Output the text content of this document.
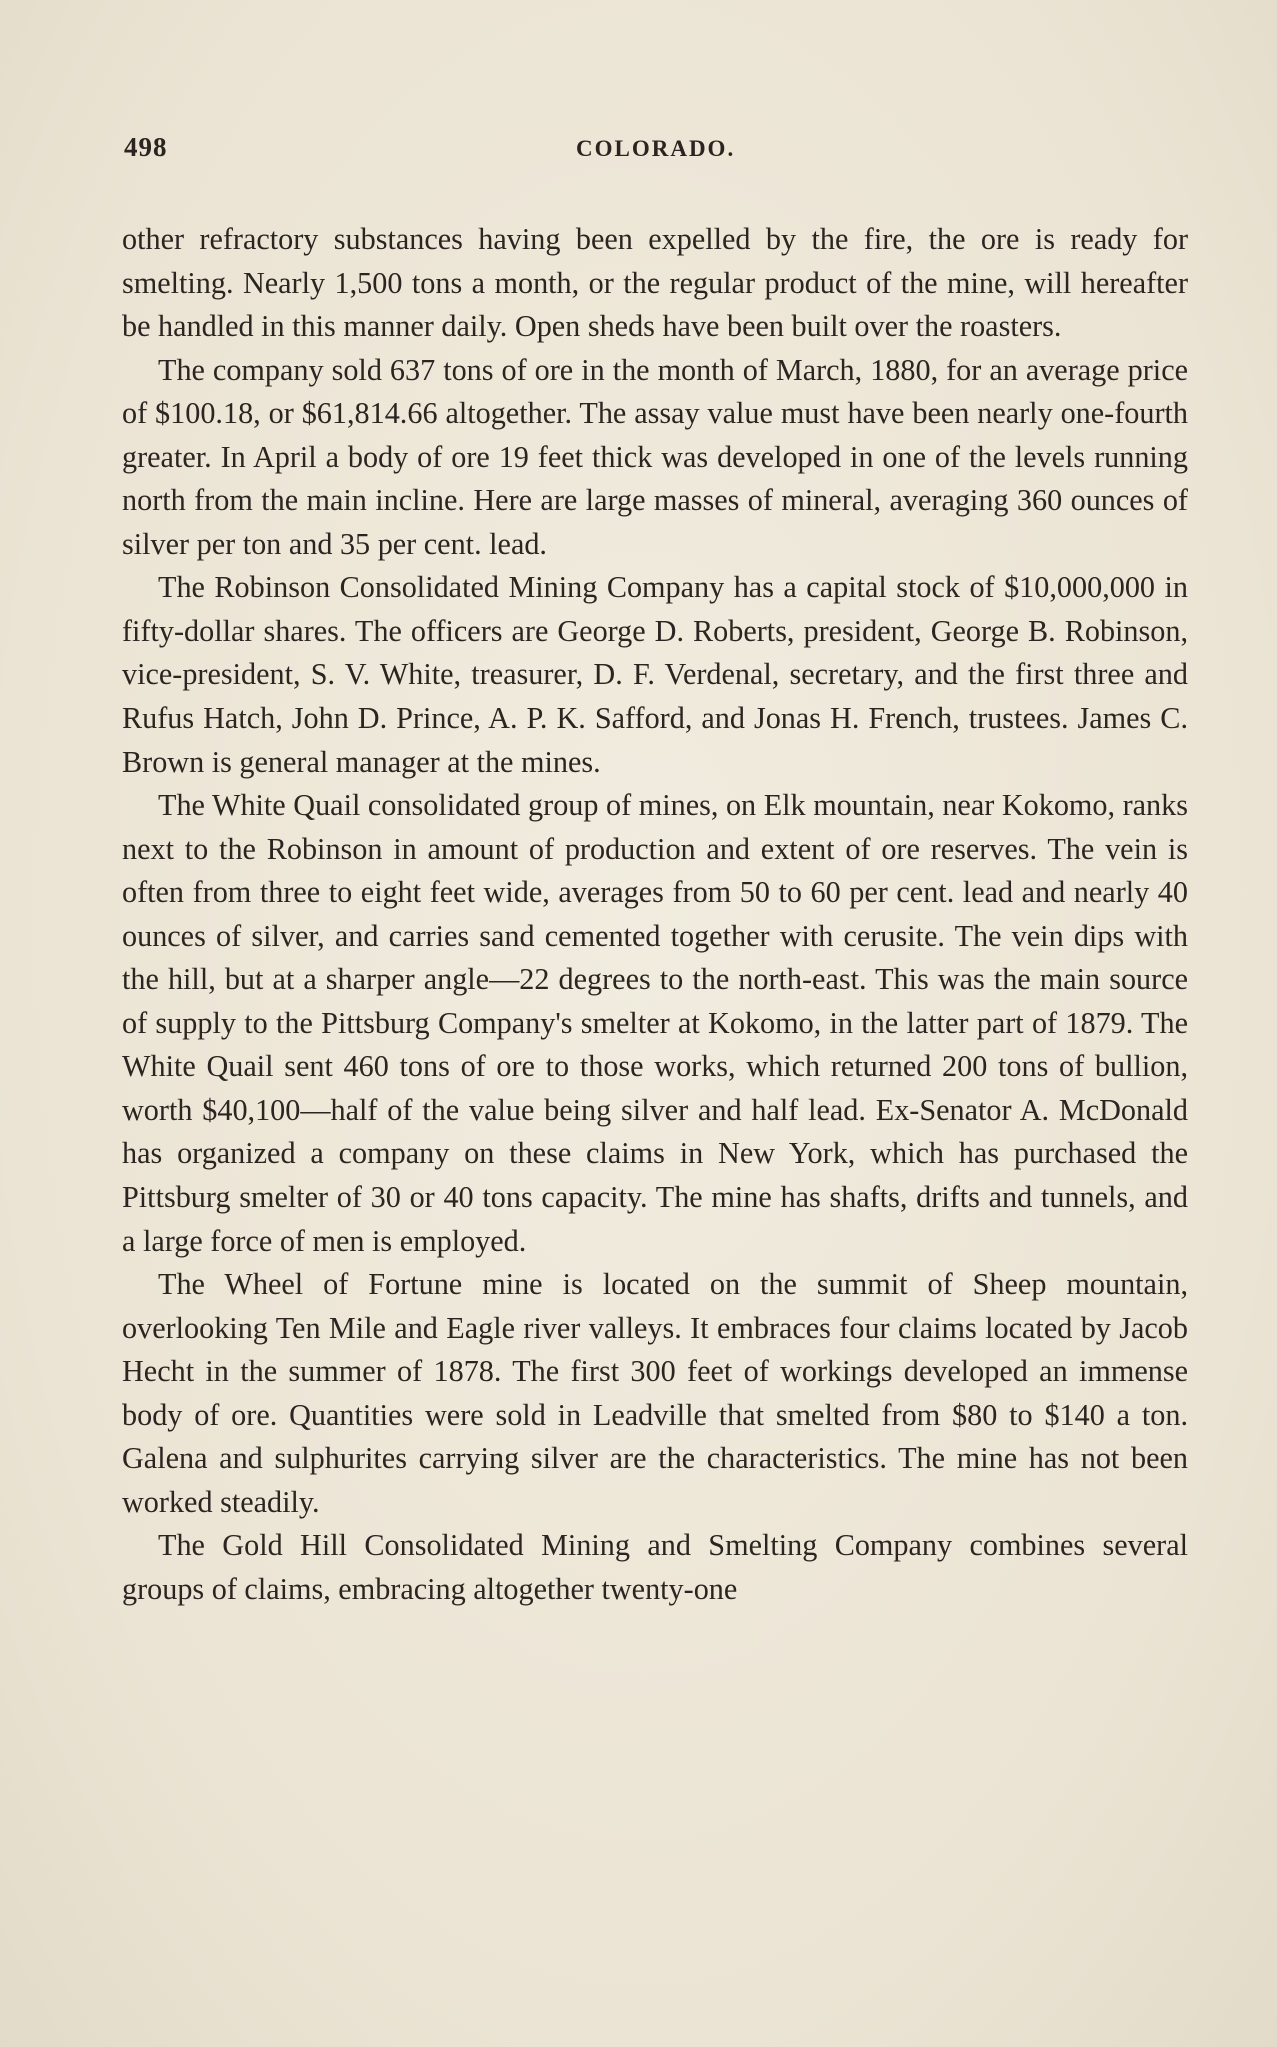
498	COLORADO.

other refractory substances having been expelled by the fire, the ore is ready for smelting. Nearly 1,500 tons a month, or the regular product of the mine, will hereafter be handled in this manner daily. Open sheds have been built over the roasters.

The company sold 637 tons of ore in the month of March, 1880, for an average price of $100.18, or $61,814.66 altogether. The assay value must have been nearly one-fourth greater. In April a body of ore 19 feet thick was developed in one of the levels running north from the main incline. Here are large masses of mineral, averaging 360 ounces of silver per ton and 35 per cent. lead.

The Robinson Consolidated Mining Company has a capital stock of $10,000,000 in fifty-dollar shares. The officers are George D. Roberts, president, George B. Robinson, vice-president, S. V. White, treasurer, D. F. Verdenal, secretary, and the first three and Rufus Hatch, John D. Prince, A. P. K. Safford, and Jonas H. French, trustees. James C. Brown is general manager at the mines.

The White Quail consolidated group of mines, on Elk mountain, near Kokomo, ranks next to the Robinson in amount of production and extent of ore reserves. The vein is often from three to eight feet wide, averages from 50 to 60 per cent. lead and nearly 40 ounces of silver, and carries sand cemented together with cerusite. The vein dips with the hill, but at a sharper angle—22 degrees to the north-east. This was the main source of supply to the Pittsburg Company's smelter at Kokomo, in the latter part of 1879. The White Quail sent 460 tons of ore to those works, which returned 200 tons of bullion, worth $40,100—half of the value being silver and half lead. Ex-Senator A. McDonald has organized a company on these claims in New York, which has purchased the Pittsburg smelter of 30 or 40 tons capacity. The mine has shafts, drifts and tunnels, and a large force of men is employed.

The Wheel of Fortune mine is located on the summit of Sheep mountain, overlooking Ten Mile and Eagle river valleys. It embraces four claims located by Jacob Hecht in the summer of 1878. The first 300 feet of workings developed an immense body of ore. Quantities were sold in Leadville that smelted from $80 to $140 a ton. Galena and sulphurites carrying silver are the characteristics. The mine has not been worked steadily.

The Gold Hill Consolidated Mining and Smelting Company combines several groups of claims, embracing altogether twenty-one
